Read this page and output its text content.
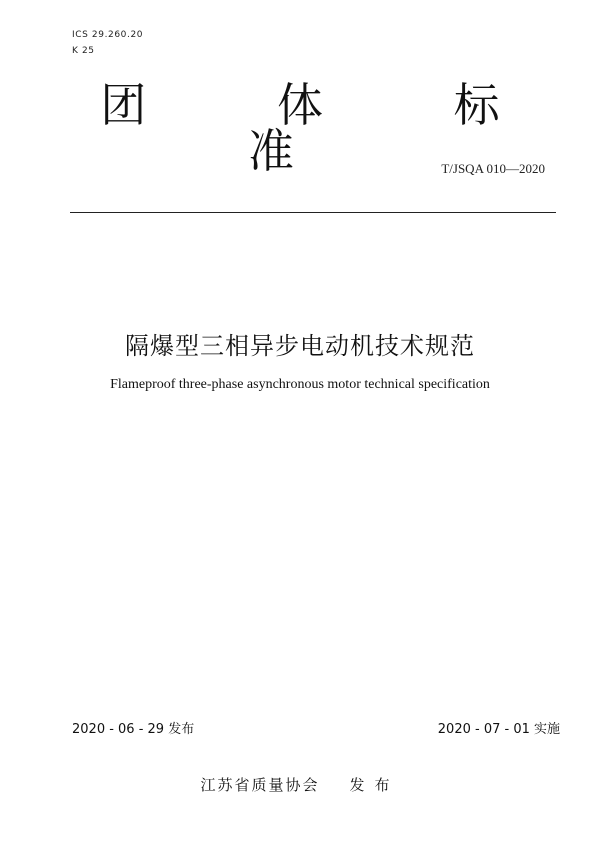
ICS 29.260.20
K 25
团 体 标 准	T/JSQA 010—2020
隔爆型三相异步电动机技术规范
Flameproof three-phase asynchronous motor technical specification
2020 - 06 - 29 发布	2020 - 07 - 01 实施
江苏省质量协会 发布
